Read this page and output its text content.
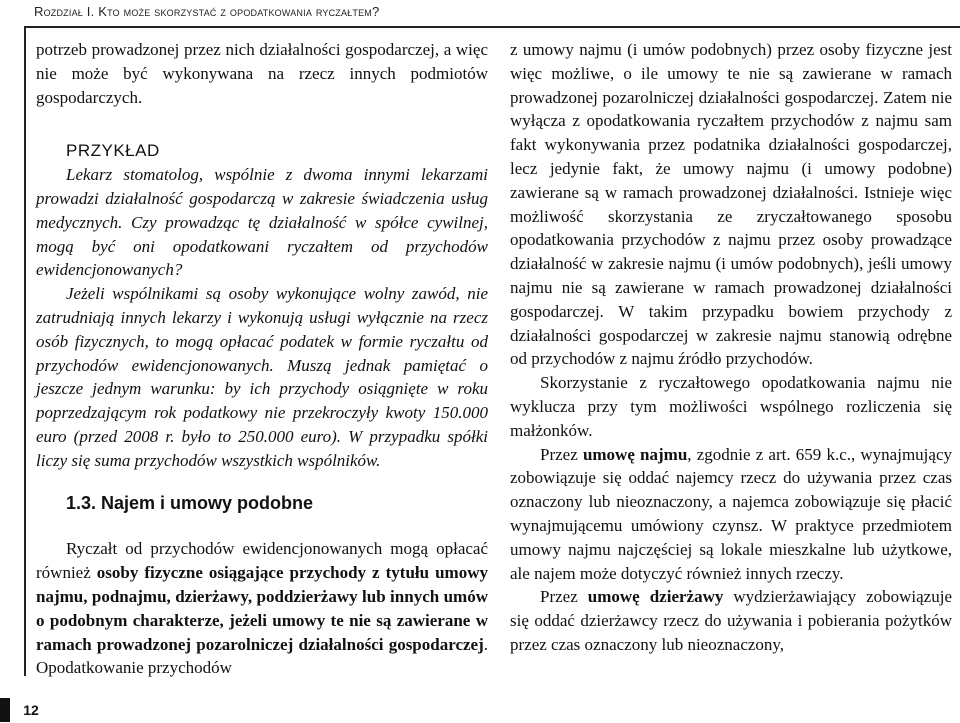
Rozdział I. Kto może skorzystać z opodatkowania ryczałtem?

potrzeb prowadzonej przez nich działalności gospodarczej, a więc nie może być wykonywana na rzecz innych podmiotów gospodarczych.

PRZYKŁAD

Lekarz stomatolog, wspólnie z dwoma innymi lekarzami prowadzi działalność gospodarczą w zakresie świadczenia usług medycznych. Czy prowadząc tę działalność w spółce cywilnej, mogą być oni opodatkowani ryczałtem od przychodów ewidencjonowanych?

Jeżeli wspólnikami są osoby wykonujące wolny zawód, nie zatrudniają innych lekarzy i wykonują usługi wyłącznie na rzecz osób fizycznych, to mogą opłacać podatek w formie ryczałtu od przychodów ewidencjonowanych. Muszą jednak pamiętać o jeszcze jednym warunku: by ich przychody osiągnięte w roku poprzedzającym rok podatkowy nie przekroczyły kwoty 150.000 euro (przed 2008 r. było to 250.000 euro). W przypadku spółki liczy się suma przychodów wszystkich wspólników.

1.3. Najem i umowy podobne

Ryczałt od przychodów ewidencjonowanych mogą opłacać również osoby fizyczne osiągające przychody z tytułu umowy najmu, podnajmu, dzierżawy, poddzierżawy lub innych umów o podobnym charakterze, jeżeli umowy te nie są zawierane w ramach prowadzonej pozarolniczej działalności gospodarczej. Opodatkowanie przychodów

z umowy najmu (i umów podobnych) przez osoby fizyczne jest więc możliwe, o ile umowy te nie są zawierane w ramach prowadzonej pozarolniczej działalności gospodarczej. Zatem nie wyłącza z opodatkowania ryczałtem przychodów z najmu sam fakt wykonywania przez podatnika działalności gospodarczej, lecz jedynie fakt, że umowy najmu (i umowy podobne) zawierane są w ramach prowadzonej działalności. Istnieje więc możliwość skorzystania ze zryczałtowanego sposobu opodatkowania przychodów z najmu przez osoby prowadzące działalność w zakresie najmu (i umów podobnych), jeśli umowy najmu nie są zawierane w ramach prowadzonej działalności gospodarczej. W takim przypadku bowiem przychody z działalności gospodarczej w zakresie najmu stanowią odrębne od przychodów z najmu źródło przychodów.

Skorzystanie z ryczałtowego opodatkowania najmu nie wyklucza przy tym możliwości wspólnego rozliczenia się małżonków.

Przez umowę najmu, zgodnie z art. 659 k.c., wynajmujący zobowiązuje się oddać najemcy rzecz do używania przez czas oznaczony lub nieoznaczony, a najemca zobowiązuje się płacić wynajmującemu umówiony czynsz. W praktyce przedmiotem umowy najmu najczęściej są lokale mieszkalne lub użytkowe, ale najem może dotyczyć również innych rzeczy.

Przez umowę dzierżawy wydzierżawiający zobowiązuje się oddać dzierżawcy rzecz do używania i pobierania pożytków przez czas oznaczony lub nieoznaczony,

12
